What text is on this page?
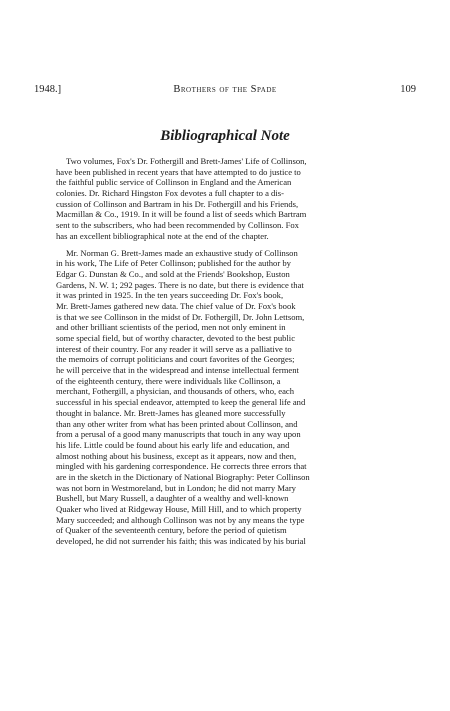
1948.]	Brothers of the Spade	109
Bibliographical Note
Two volumes, Fox's Dr. Fothergill and Brett-James' Life of Collinson,
have been published in recent years that have attempted to do justice to
the faithful public service of Collinson in England and the American
colonies. Dr. Richard Hingston Fox devotes a full chapter to a dis-
cussion of Collinson and Bartram in his Dr. Fothergill and his Friends,
Macmillan & Co., 1919. In it will be found a list of seeds which Bartram
sent to the subscribers, who had been recommended by Collinson. Fox
has an excellent bibliographical note at the end of the chapter.
Mr. Norman G. Brett-James made an exhaustive study of Collinson
in his work, The Life of Peter Collinson; published for the author by
Edgar G. Dunstan & Co., and sold at the Friends' Bookshop, Euston
Gardens, N. W. 1; 292 pages. There is no date, but there is evidence that
it was printed in 1925. In the ten years succeeding Dr. Fox's book,
Mr. Brett-James gathered new data. The chief value of Dr. Fox's book
is that we see Collinson in the midst of Dr. Fothergill, Dr. John Lettsom,
and other brilliant scientists of the period, men not only eminent in
some special field, but of worthy character, devoted to the best public
interest of their country. For any reader it will serve as a palliative to
the memoirs of corrupt politicians and court favorites of the Georges;
he will perceive that in the widespread and intense intellectual ferment
of the eighteenth century, there were individuals like Collinson, a
merchant, Fothergill, a physician, and thousands of others, who, each
successful in his special endeavor, attempted to keep the general life and
thought in balance. Mr. Brett-James has gleaned more successfully
than any other writer from what has been printed about Collinson, and
from a perusal of a good many manuscripts that touch in any way upon
his life. Little could be found about his early life and education, and
almost nothing about his business, except as it appears, now and then,
mingled with his gardening correspondence. He corrects three errors that
are in the sketch in the Dictionary of National Biography: Peter Collinson
was not born in Westmoreland, but in London; he did not marry Mary
Bushell, but Mary Russell, a daughter of a wealthy and well-known
Quaker who lived at Ridgeway House, Mill Hill, and to which property
Mary succeeded; and although Collinson was not by any means the type
of Quaker of the seventeenth century, before the period of quietism
developed, he did not surrender his faith; this was indicated by his burial
